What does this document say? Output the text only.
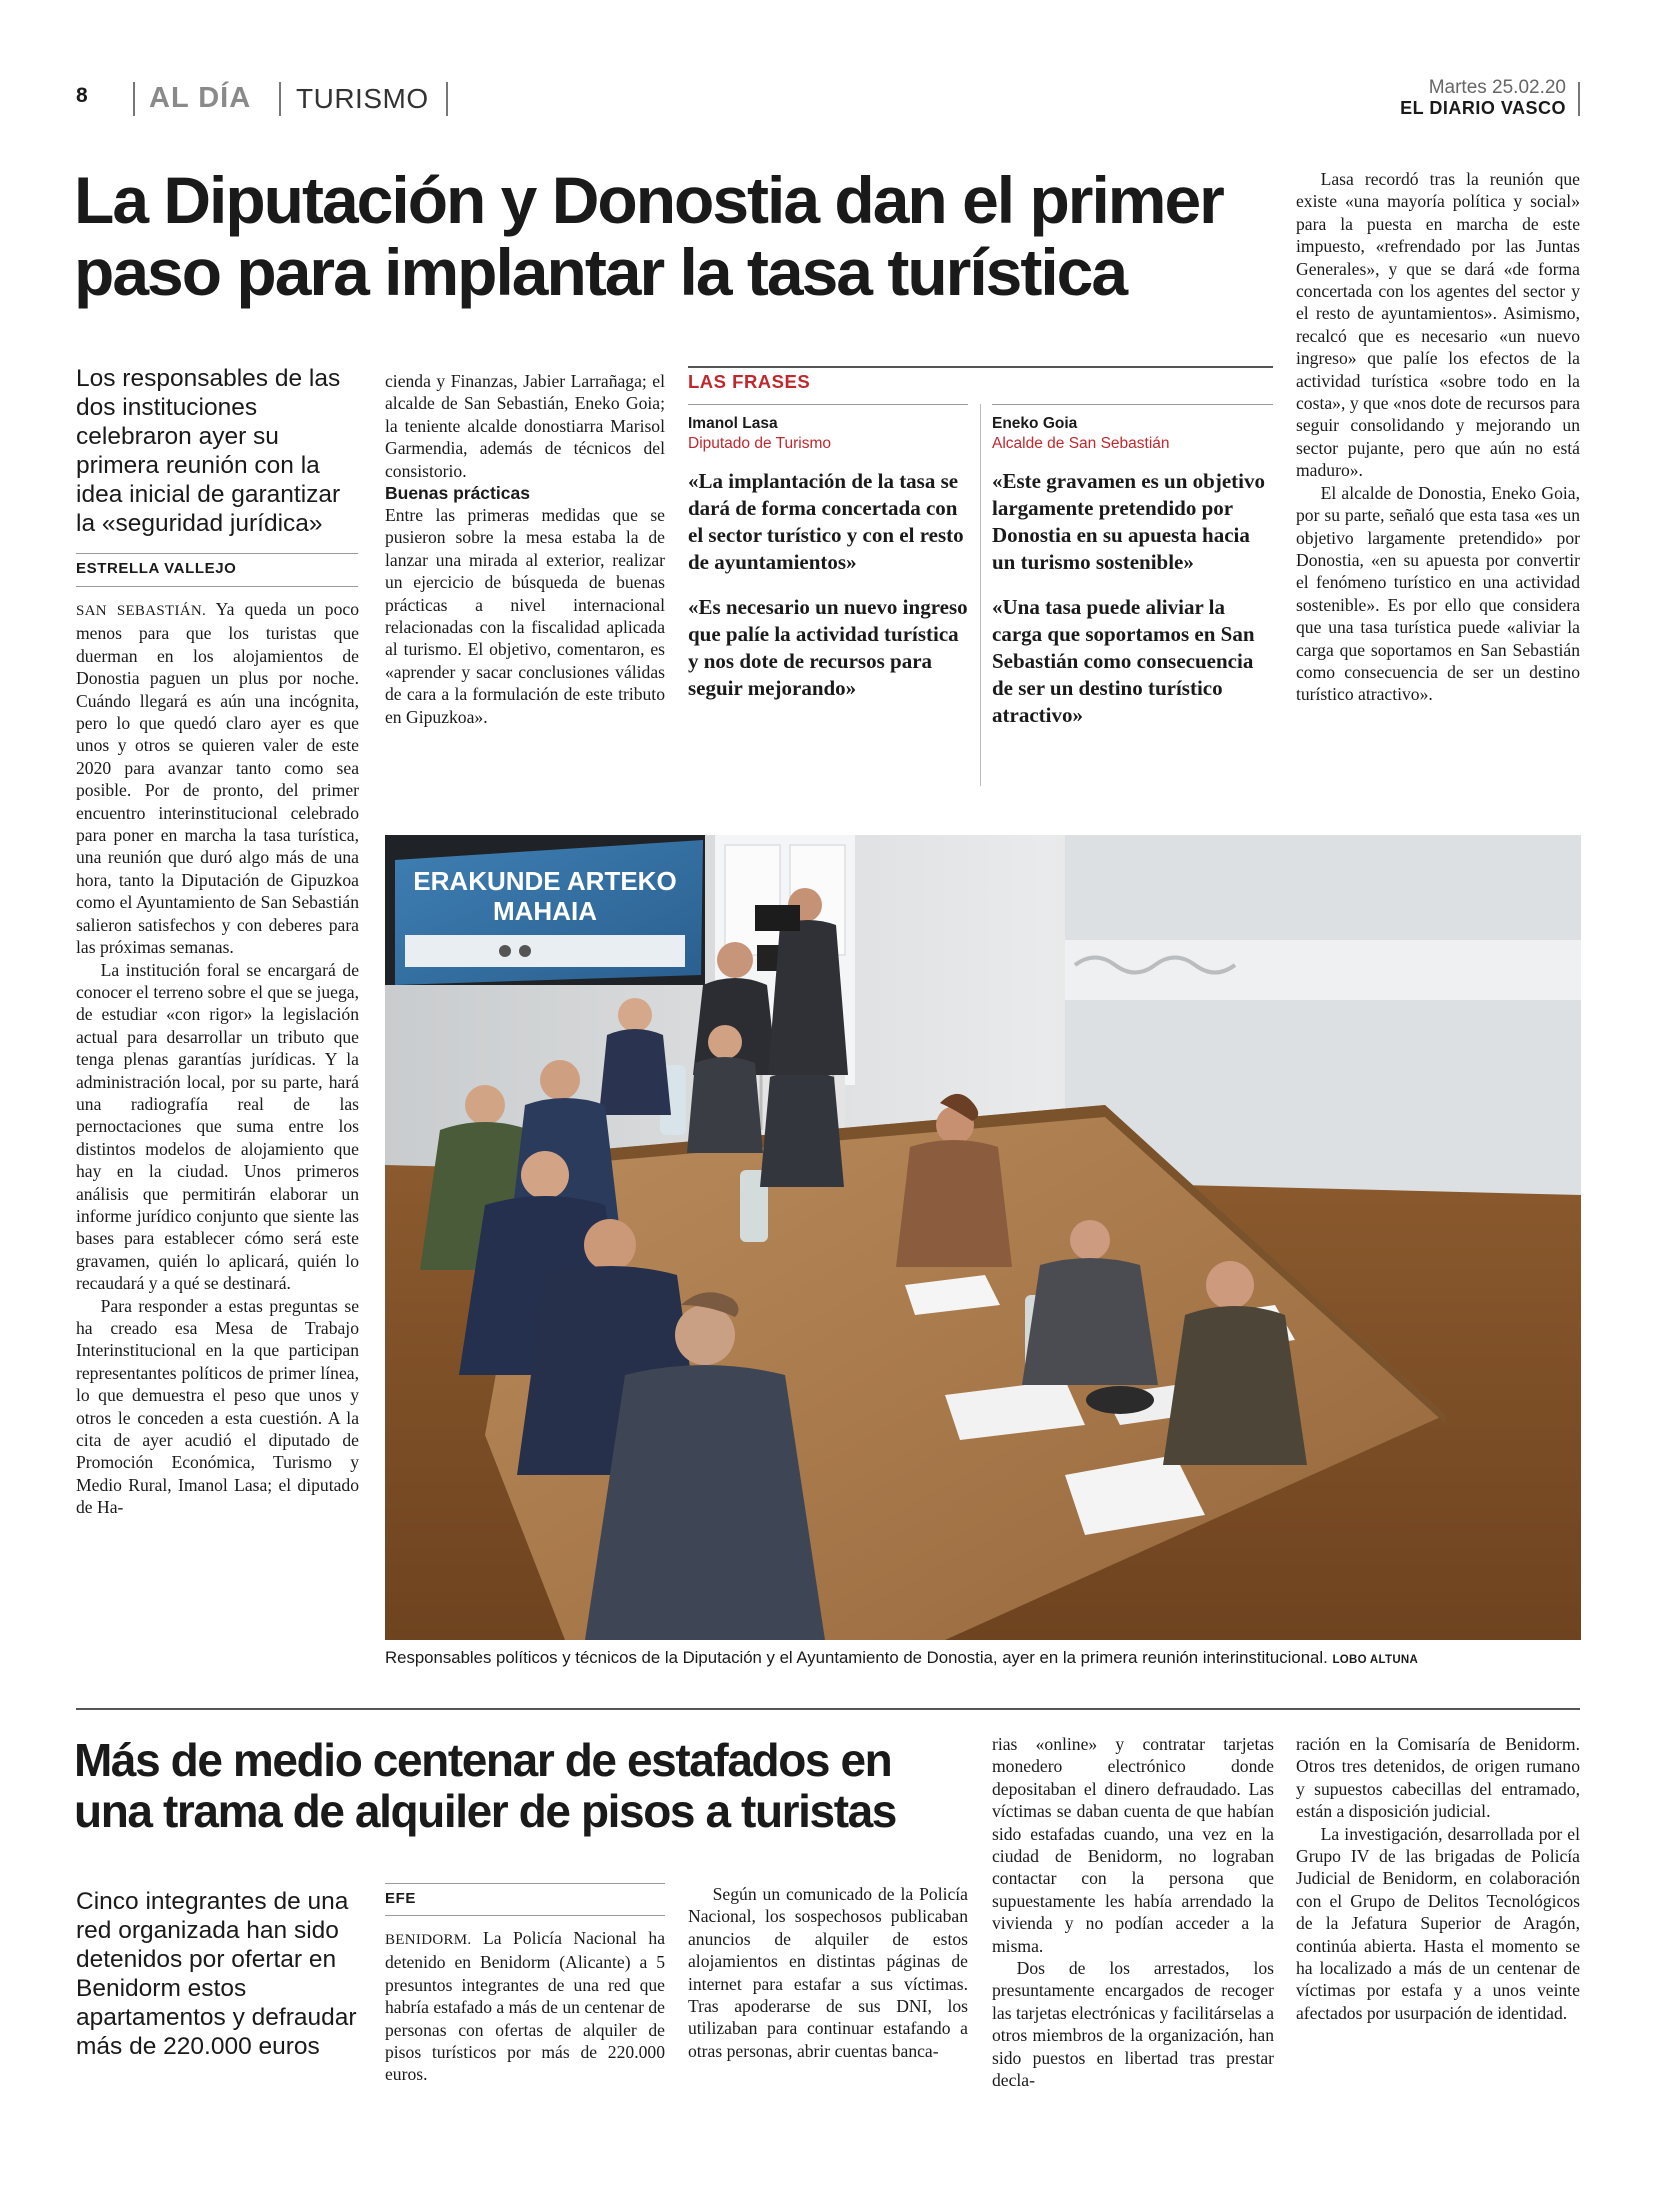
8 AL DÍA TURISMO	Martes 25.02.20
EL DIARIO VASCO
La Diputación y Donostia dan el primer
paso para implantar la tasa turística
Los responsables de las dos instituciones celebraron ayer su primera reunión con la idea inicial de garantizar la «seguridad jurídica»
ESTRELLA VALLEJO

SAN SEBASTIÁN. Ya queda un poco menos para que los turistas que duerman en los alojamientos de Donostia paguen un plus por noche. Cuándo llegará es aún una incógnita, pero lo que quedó claro ayer es que unos y otros se quieren valer de este 2020 para avanzar tanto como sea posible. Por de pronto, del primer encuentro interinstitucional celebrado para poner en marcha la tasa turística, una reunión que duró algo más de una hora, tanto la Diputación de Gipuzkoa como el Ayuntamiento de San Sebastián salieron satisfechos y con deberes para las próximas semanas.

La institución foral se encargará de conocer el terreno sobre el que se juega, de estudiar «con rigor» la legislación actual para desarrollar un tributo que tenga plenas garantías jurídicas. Y la administración local, por su parte, hará una radiografía real de las pernoctaciones que suma entre los distintos modelos de alojamiento que hay en la ciudad. Unos primeros análisis que permitirán elaborar un informe jurídico conjunto que siente las bases para establecer cómo será este gravamen, quién lo aplicará, quién lo recaudará y a qué se destinará.

Para responder a estas preguntas se ha creado esa Mesa de Trabajo Interinstitucional en la que participan representantes políticos de primer línea, lo que demuestra el peso que unos y otros le conceden a esta cuestión. A la cita de ayer acudió el diputado de Promoción Económica, Turismo y Medio Rural, Imanol Lasa; el diputado de Ha-

cienda y Finanzas, Jabier Larrañaga; el alcalde de San Sebastián, Eneko Goia; la teniente alcalde donostiarra Marisol Garmendia, además de técnicos del consistorio.

Buenas prácticas

Entre las primeras medidas que se pusieron sobre la mesa estaba la de lanzar una mirada al exterior, realizar un ejercicio de búsqueda de buenas prácticas a nivel internacional relacionadas con la fiscalidad aplicada al turismo. El objetivo, comentaron, es «aprender y sacar conclusiones válidas de cara a la formulación de este tributo en Gipuzkoa».

LAS FRASES
Imanol Lasa
Diputado de Turismo

«La implantación de la tasa se dará de forma concertada con el sector turístico y con el resto de ayuntamientos»

«Es necesario un nuevo ingreso que palíe la actividad turística y nos dote de recursos para seguir mejorando»

Eneko Goia
Alcalde de San Sebastián

«Este gravamen es un objetivo largamente pretendido por Donostia en su apuesta hacia un turismo sostenible»

«Una tasa puede aliviar la carga que soportamos en San Sebastián como consecuencia de ser un destino turístico atractivo»

Lasa recordó tras la reunión que existe «una mayoría política y social» para la puesta en marcha de este impuesto, «refrendado por las Juntas Generales», y que se dará «de forma concertada con los agentes del sector y el resto de ayuntamientos». Asimismo, recalcó que es necesario «un nuevo ingreso» que palíe los efectos de la actividad turística «sobre todo en la costa», y que «nos dote de recursos para seguir consolidando y mejorando un sector pujante, pero que aún no está maduro».

El alcalde de Donostia, Eneko Goia, por su parte, señaló que esta tasa «es un objetivo largamente pretendido» por Donostia, «en su apuesta por convertir el fenómeno turístico en una actividad sostenible». Es por ello que considera que una tasa turística puede «aliviar la carga que soportamos en San Sebastián como consecuencia de ser un destino turístico atractivo».

ERAKUNDE ARTEKO
MAHAIA
Responsables políticos y técnicos de la Diputación y el Ayuntamiento de Donostia, ayer en la primera reunión interinstitucional. LOBO ALTUNA
Más de medio centenar de estafados en
una trama de alquiler de pisos a turistas
Cinco integrantes de una red organizada han sido detenidos por ofertar en Benidorm estos apartamentos y defraudar más de 220.000 euros
EFE

BENIDORM. La Policía Nacional ha detenido en Benidorm (Alicante) a 5 presuntos integrantes de una red que habría estafado a más de un centenar de personas con ofertas de alquiler de pisos turísticos por más de 220.000 euros.

Según un comunicado de la Policía Nacional, los sospechosos publicaban anuncios de alquiler de estos alojamientos en distintas páginas de internet para estafar a sus víctimas. Tras apoderarse de sus DNI, los utilizaban para continuar estafando a otras personas, abrir cuentas banca-

rias «online» y contratar tarjetas monedero electrónico donde depositaban el dinero defraudado. Las víctimas se daban cuenta de que habían sido estafadas cuando, una vez en la ciudad de Benidorm, no lograban contactar con la persona que supuestamente les había arrendado la vivienda y no podían acceder a la misma.

Dos de los arrestados, los presuntamente encargados de recoger las tarjetas electrónicas y facilitárselas a otros miembros de la organización, han sido puestos en libertad tras prestar decla-

ración en la Comisaría de Benidorm. Otros tres detenidos, de origen rumano y supuestos cabecillas del entramado, están a disposición judicial.

La investigación, desarrollada por el Grupo IV de las brigadas de Policía Judicial de Benidorm, en colaboración con el Grupo de Delitos Tecnológicos de la Jefatura Superior de Aragón, continúa abierta. Hasta el momento se ha localizado a más de un centenar de víctimas por estafa y a unos veinte afectados por usurpación de identidad.
